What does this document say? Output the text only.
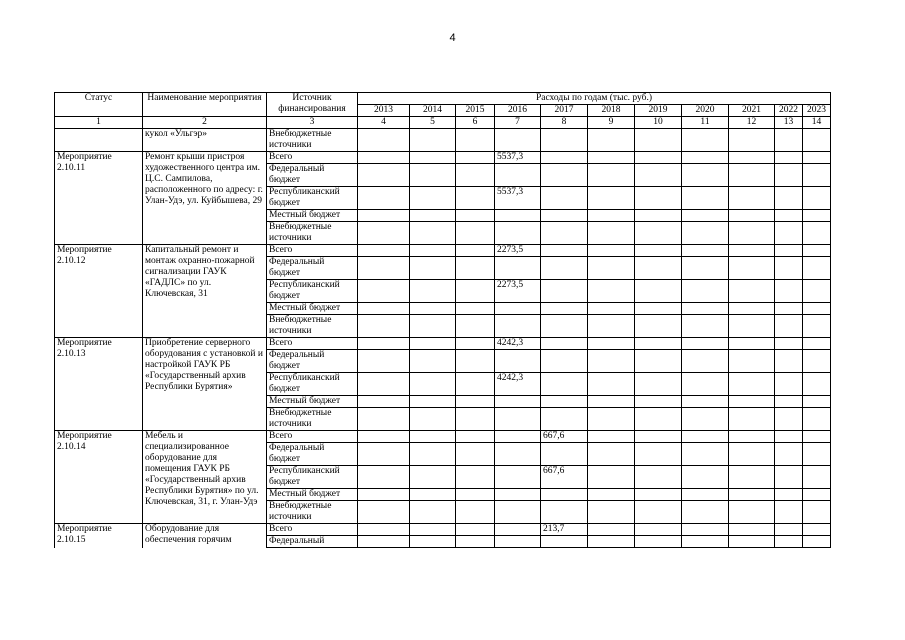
4
Статус	Наименование мероприятия	Источник финансирования	Расходы по годам (тыс. руб.)										
			2013	2014	2015	2016	2017	2018	2019	2020	2021	2022	2023
1	2	3	4	5	6	7	8	9	10	11	12	13	14
	кукол «Ульгэр»	Внебюджетные источники											
Мероприятие 2.10.11	Ремонт крыши пристроя художественного центра им. Ц.С. Сампилова, расположенного по адресу: г. Улан-Удэ, ул. Куйбышева, 29	Всего				5537,3							
		Федеральный бюджет											
		Республиканский бюджет				5537,3							
		Местный бюджет											
		Внебюджетные источники											
Мероприятие 2.10.12	Капитальный ремонт и монтаж охранно-пожарной сигнализации ГАУК «ГАДЛС» по ул. Ключевская, 31	Всего				2273,5							
		Федеральный бюджет											
		Республиканский бюджет				2273,5							
		Местный бюджет											
		Внебюджетные источники											
Мероприятие 2.10.13	Приобретение серверного оборудования с установкой и настройкой ГАУК РБ «Государственный архив Республики Бурятия»	Всего				4242,3							
		Федеральный бюджет											
		Республиканский бюджет				4242,3							
		Местный бюджет											
		Внебюджетные источники											
Мероприятие 2.10.14	Мебель и специализированное оборудование для помещения ГАУК РБ «Государственный архив Республики Бурятия» по ул. Ключевская, 31, г. Улан-Удэ	Всего					667,6						
		Федеральный бюджет											
		Республиканский бюджет					667,6						
		Местный бюджет											
		Внебюджетные источники											
Мероприятие 2.10.15	Оборудование для обеспечения горячим	Всего					213,7						
		Федеральный											
